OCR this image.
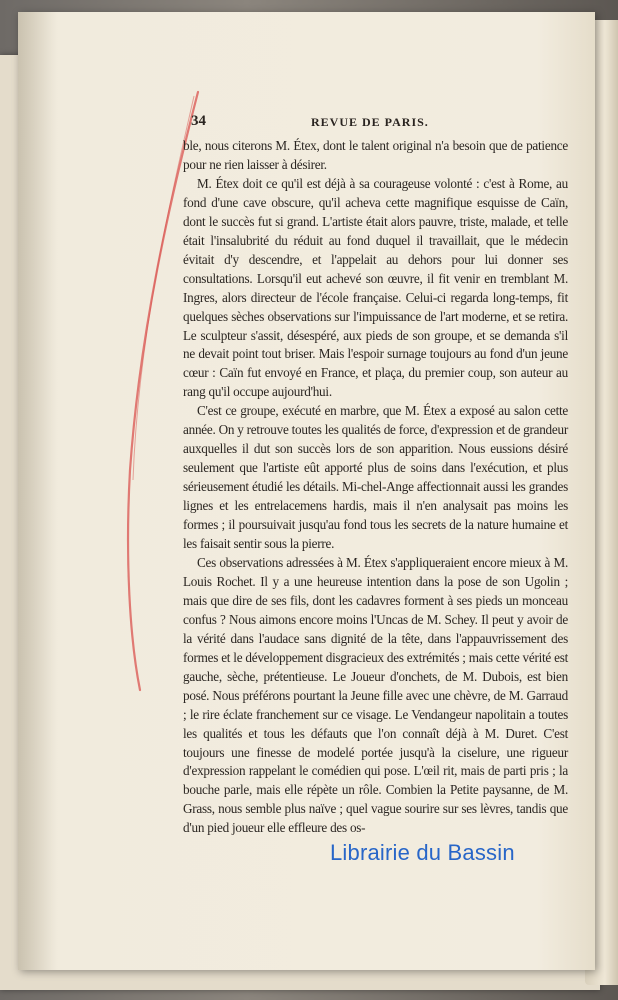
34	REVUE DE PARIS.

ble, nous citerons M. Étex, dont le talent original n'a besoin que de patience pour ne rien laisser à désirer.

M. Étex doit ce qu'il est déjà à sa courageuse volonté : c'est à Rome, au fond d'une cave obscure, qu'il acheva cette magnifique esquisse de Caïn, dont le succès fut si grand. L'artiste était alors pauvre, triste, malade, et telle était l'insalubrité du réduit au fond duquel il travaillait, que le médecin évitait d'y descendre, et l'appelait au dehors pour lui donner ses consultations. Lorsqu'il eut achevé son œuvre, il fit venir en tremblant M. Ingres, alors directeur de l'école française. Celui-ci regarda long-temps, fit quelques sèches observations sur l'impuissance de l'art moderne, et se retira. Le sculpteur s'assit, désespéré, aux pieds de son groupe, et se demanda s'il ne devait point tout briser. Mais l'espoir surnage toujours au fond d'un jeune cœur : Caïn fut envoyé en France, et plaça, du premier coup, son auteur au rang qu'il occupe aujourd'hui.

C'est ce groupe, exécuté en marbre, que M. Étex a exposé au salon cette année. On y retrouve toutes les qualités de force, d'expression et de grandeur auxquelles il dut son succès lors de son apparition. Nous eussions désiré seulement que l'artiste eût apporté plus de soins dans l'exécution, et plus sérieusement étudié les détails. Mi-chel-Ange affectionnait aussi les grandes lignes et les entrelacemens hardis, mais il n'en analysait pas moins les formes ; il poursuivait jusqu'au fond tous les secrets de la nature humaine et les faisait sentir sous la pierre.

Ces observations adressées à M. Étex s'appliqueraient encore mieux à M. Louis Rochet. Il y a une heureuse intention dans la pose de son Ugolin ; mais que dire de ses fils, dont les cadavres forment à ses pieds un monceau confus ? Nous aimons encore moins l'Uncas de M. Schey. Il peut y avoir de la vérité dans l'audace sans dignité de la tête, dans l'appauvrissement des formes et le développement disgracieux des extrémités ; mais cette vérité est gauche, sèche, prétentieuse. Le Joueur d'onchets, de M. Dubois, est bien posé. Nous préférons pourtant la Jeune fille avec une chèvre, de M. Garraud ; le rire éclate franchement sur ce visage. Le Vendangeur napolitain a toutes les qualités et tous les défauts que l'on connaît déjà à M. Duret. C'est toujours une finesse de modelé portée jusqu'à la ciselure, une rigueur d'expression rappelant le comédien qui pose. L'œil rit, mais de parti pris ; la bouche parle, mais elle répète un rôle. Combien la Petite paysanne, de M. Grass, nous semble plus naïve ; quel vague sourire sur ses lèvres, tandis que d'un pied joueur elle effleure des os-

Librairie du Bassin
